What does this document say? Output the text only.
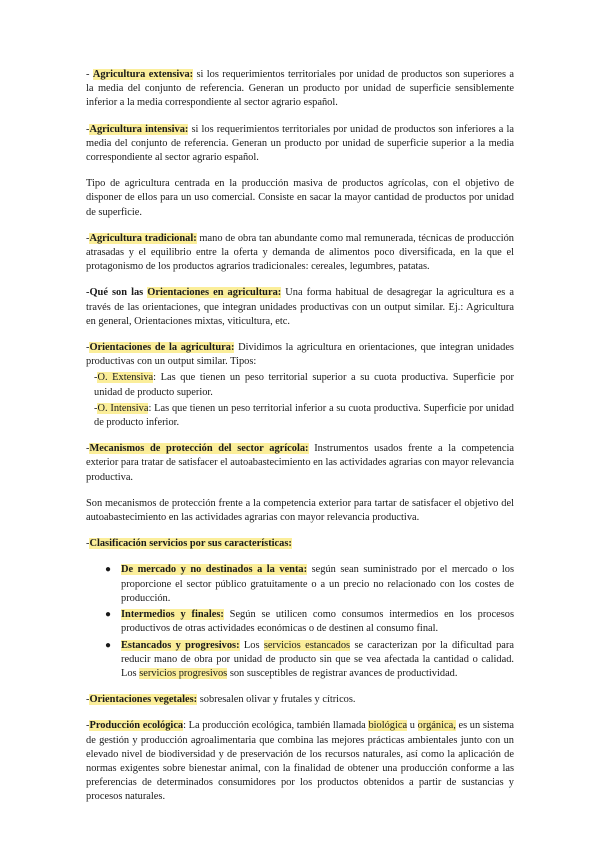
- Agricultura extensiva: si los requerimientos territoriales por unidad de productos son superiores a la media del conjunto de referencia. Generan un producto por unidad de superficie sensiblemente inferior a la media correspondiente al sector agrario español.

-Agricultura intensiva: si los requerimientos territoriales por unidad de productos son inferiores a la media del conjunto de referencia. Generan un producto por unidad de superficie superior a la media correspondiente al sector agrario español.

Tipo de agricultura centrada en la producción masiva de productos agrícolas, con el objetivo de disponer de ellos para un uso comercial. Consiste en sacar la mayor cantidad de productos por unidad de superficie.

-Agricultura tradicional: mano de obra tan abundante como mal remunerada, técnicas de producción atrasadas y el equilibrio entre la oferta y demanda de alimentos poco diversificada, en la que el protagonismo de los productos agrarios tradicionales: cereales, legumbres, patatas.

-Qué son las Orientaciones en agricultura: Una forma habitual de desagregar la agricultura es a través de las orientaciones, que integran unidades productivas con un output similar. Ej.: Agricultura en general, Orientaciones mixtas, viticultura, etc.

-Orientaciones de la agricultura: Dividimos la agricultura en orientaciones, que integran unidades productivas con un output similar. Tipos:

-O. Extensiva: Las que tienen un peso territorial superior a su cuota productiva. Superficie por unidad de producto superior.

-O. Intensiva: Las que tienen un peso territorial inferior a su cuota productiva. Superficie por unidad de producto inferior.

-Mecanismos de protección del sector agrícola: Instrumentos usados frente a la competencia exterior para tratar de satisfacer el autoabastecimiento en las actividades agrarias con mayor relevancia productiva.

Son mecanismos de protección frente a la competencia exterior para tartar de satisfacer el objetivo del autoabastecimiento en las actividades agrarias con mayor relevancia productiva.

-Clasificación servicios por sus características:

● De mercado y no destinados a la venta: según sean suministrado por el mercado o los proporcione el sector público gratuitamente o a un precio no relacionado con los costes de producción.
● Intermedios y finales: Según se utilicen como consumos intermedios en los procesos productivos de otras actividades económicas o de destinen al consumo final.
● Estancados y progresivos: Los servicios estancados se caracterizan por la dificultad para reducir mano de obra por unidad de producto sin que se vea afectada la cantidad o calidad. Los servicios progresivos son susceptibles de registrar avances de productividad.

-Orientaciones vegetales: sobresalen olivar y frutales y cítricos.

-Producción ecológica: La producción ecológica, también llamada biológica u orgánica, es un sistema de gestión y producción agroalimentaria que combina las mejores prácticas ambientales junto con un elevado nivel de biodiversidad y de preservación de los recursos naturales, así como la aplicación de normas exigentes sobre bienestar animal, con la finalidad de obtener una producción conforme a las preferencias de determinados consumidores por los productos obtenidos a partir de sustancias y procesos naturales.
